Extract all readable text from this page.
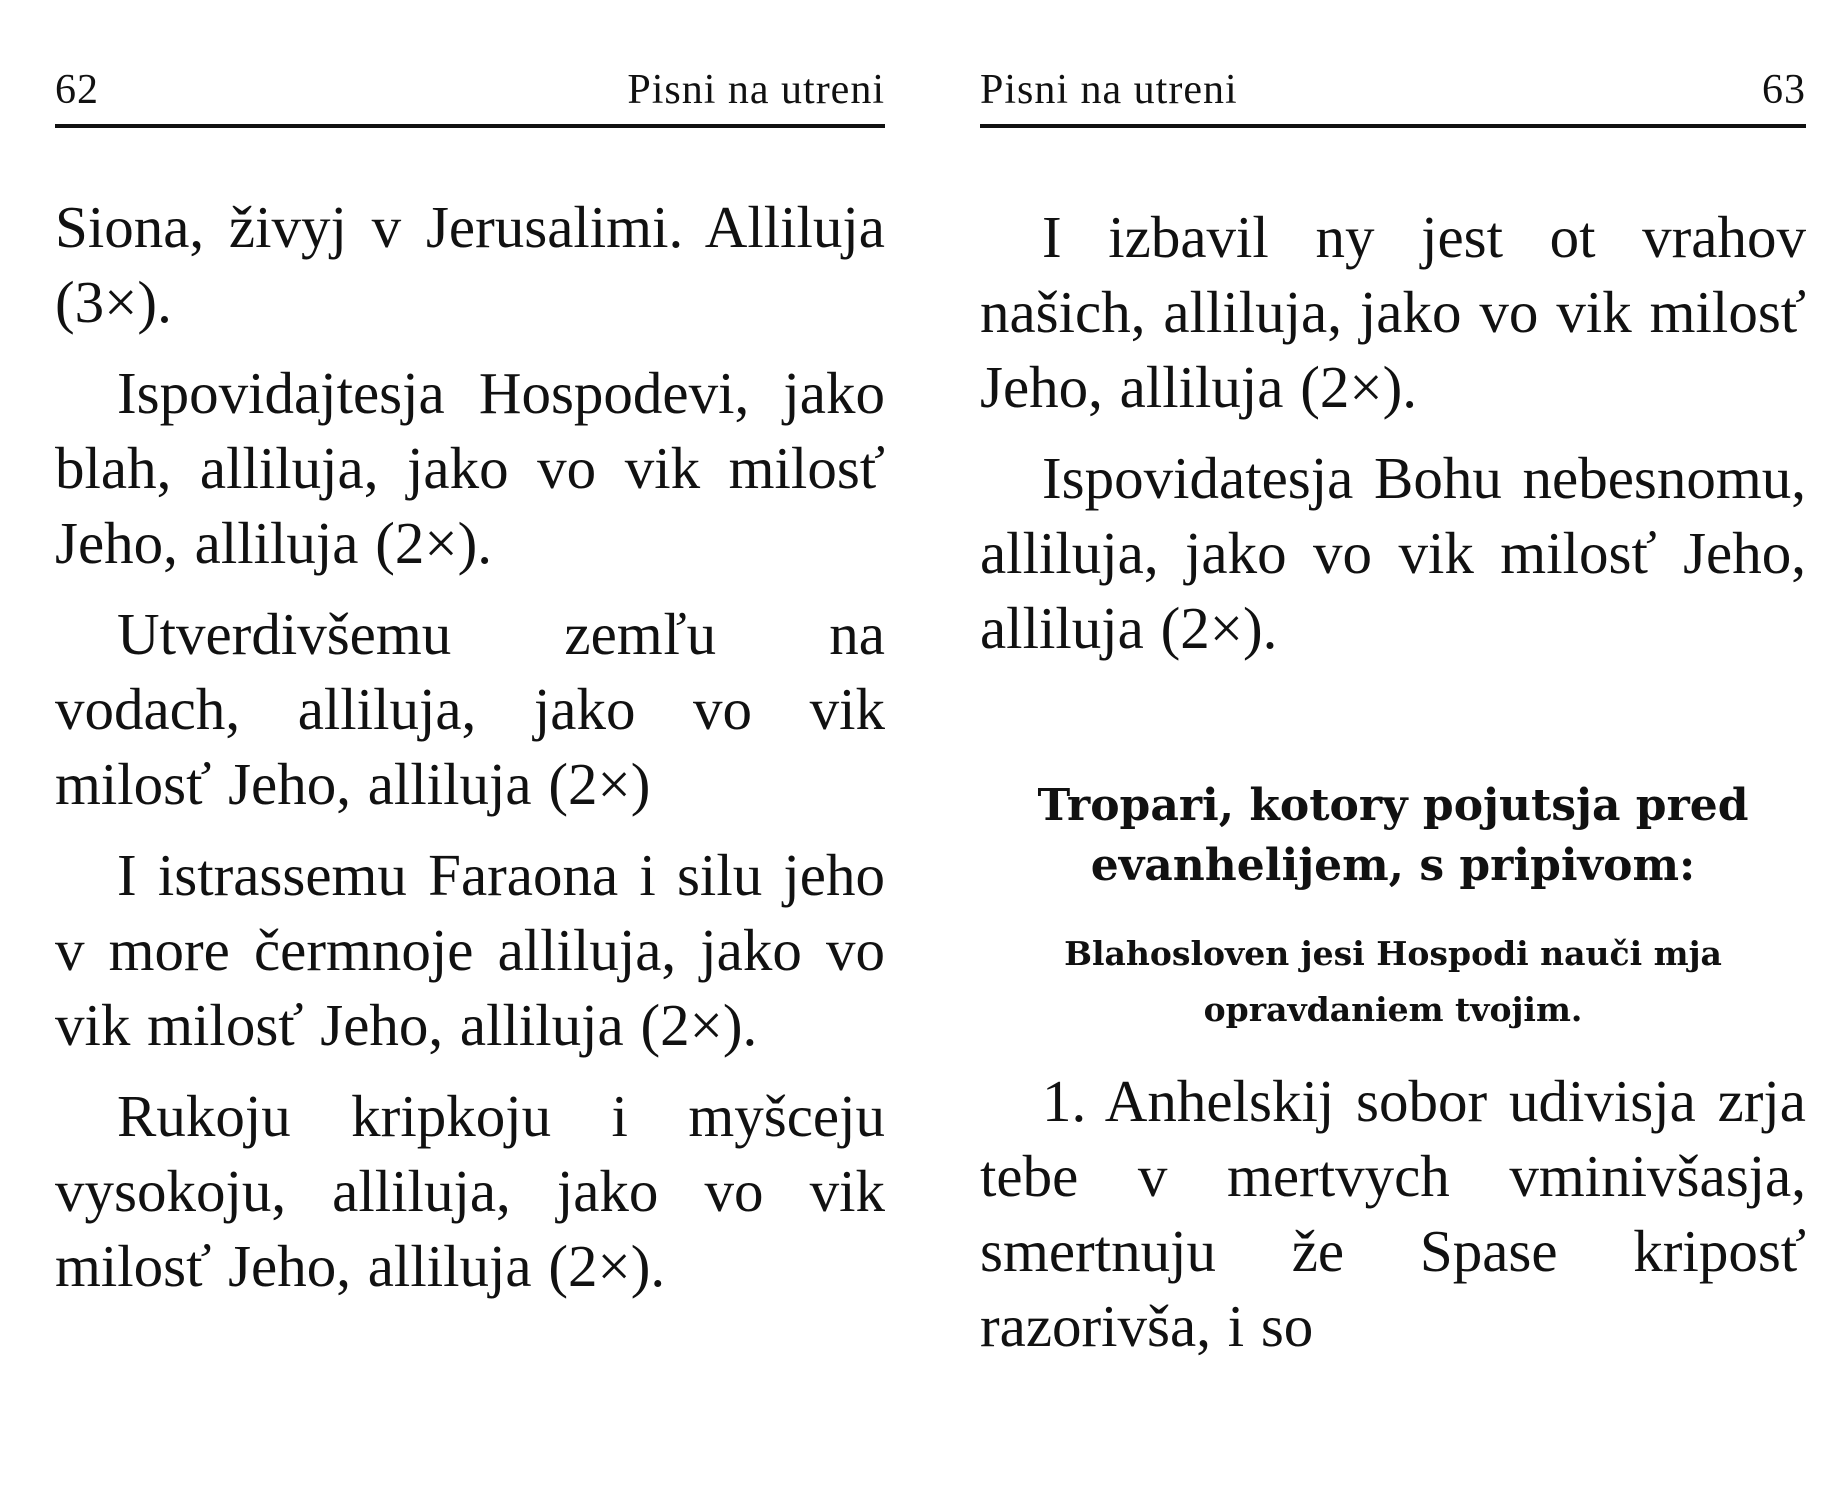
62	Pisni na utreni

Siona, živyj v Jerusalimi. Alliluja (3×).

Ispovidajtesja Hospodevi, jako blah, alliluja, jako vo vik milosť Jeho, alliluja (2×).

Utverdivšemu zemľu na vodach, alliluja, jako vo vik milosť Jeho, alliluja (2×)

I istrassemu Faraona i silu jeho v more čermnoje alliluja, jako vo vik milosť Jeho, alliluja (2×).

Rukoju kripkoju i myšceju vysokoju, alliluja, jako vo vik milosť Jeho, alliluja (2×).

Pisni na utreni	63

I izbavil ny jest ot vrahov našich, alliluja, jako vo vik milosť Jeho, alliluja (2×).

Ispovidatesja Bohu nebesnomu, alliluja, jako vo vik milosť Jeho, alliluja (2×).

Tropari, kotory pojutsja pred evanhelijem, s pripivom:
Blahosloven jesi Hospodi nauči mja opravdaniem tvojim.

1. Anhelskij sobor udivisja zrja tebe v mertvych vminivšasja, smertnuju že Spase kriposť razorivša, i so
